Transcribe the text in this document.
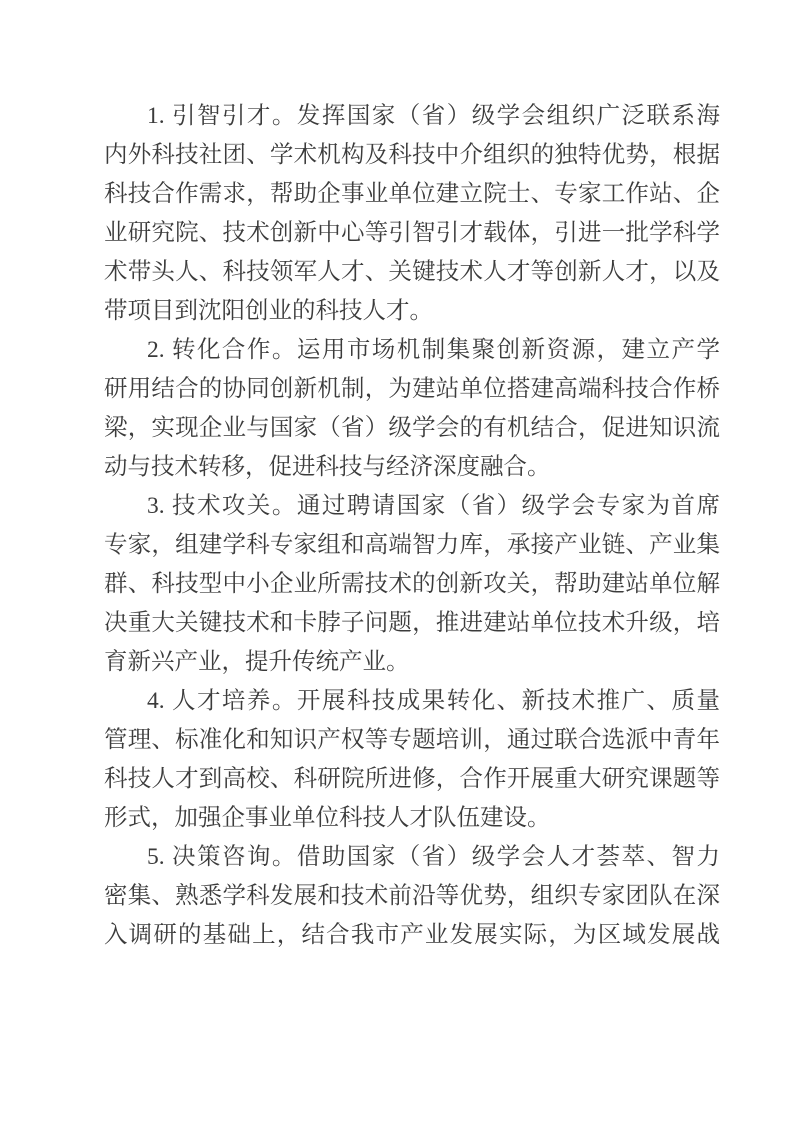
1. 引智引才。发挥国家（省）级学会组织广泛联系海
内外科技社团、学术机构及科技中介组织的独特优势，根据
科技合作需求，帮助企事业单位建立院士、专家工作站、企
业研究院、技术创新中心等引智引才载体，引进一批学科学
术带头人、科技领军人才、关键技术人才等创新人才，以及
带项目到沈阳创业的科技人才。
2. 转化合作。运用市场机制集聚创新资源，建立产学
研用结合的协同创新机制，为建站单位搭建高端科技合作桥
梁，实现企业与国家（省）级学会的有机结合，促进知识流
动与技术转移，促进科技与经济深度融合。
3. 技术攻关。通过聘请国家（省）级学会专家为首席
专家，组建学科专家组和高端智力库，承接产业链、产业集
群、科技型中小企业所需技术的创新攻关，帮助建站单位解
决重大关键技术和卡脖子问题，推进建站单位技术升级，培
育新兴产业，提升传统产业。
4. 人才培养。开展科技成果转化、新技术推广、质量
管理、标准化和知识产权等专题培训，通过联合选派中青年
科技人才到高校、科研院所进修，合作开展重大研究课题等
形式，加强企事业单位科技人才队伍建设。
5. 决策咨询。借助国家（省）级学会人才荟萃、智力
密集、熟悉学科发展和技术前沿等优势，组织专家团队在深
入调研的基础上，结合我市产业发展实际，为区域发展战
